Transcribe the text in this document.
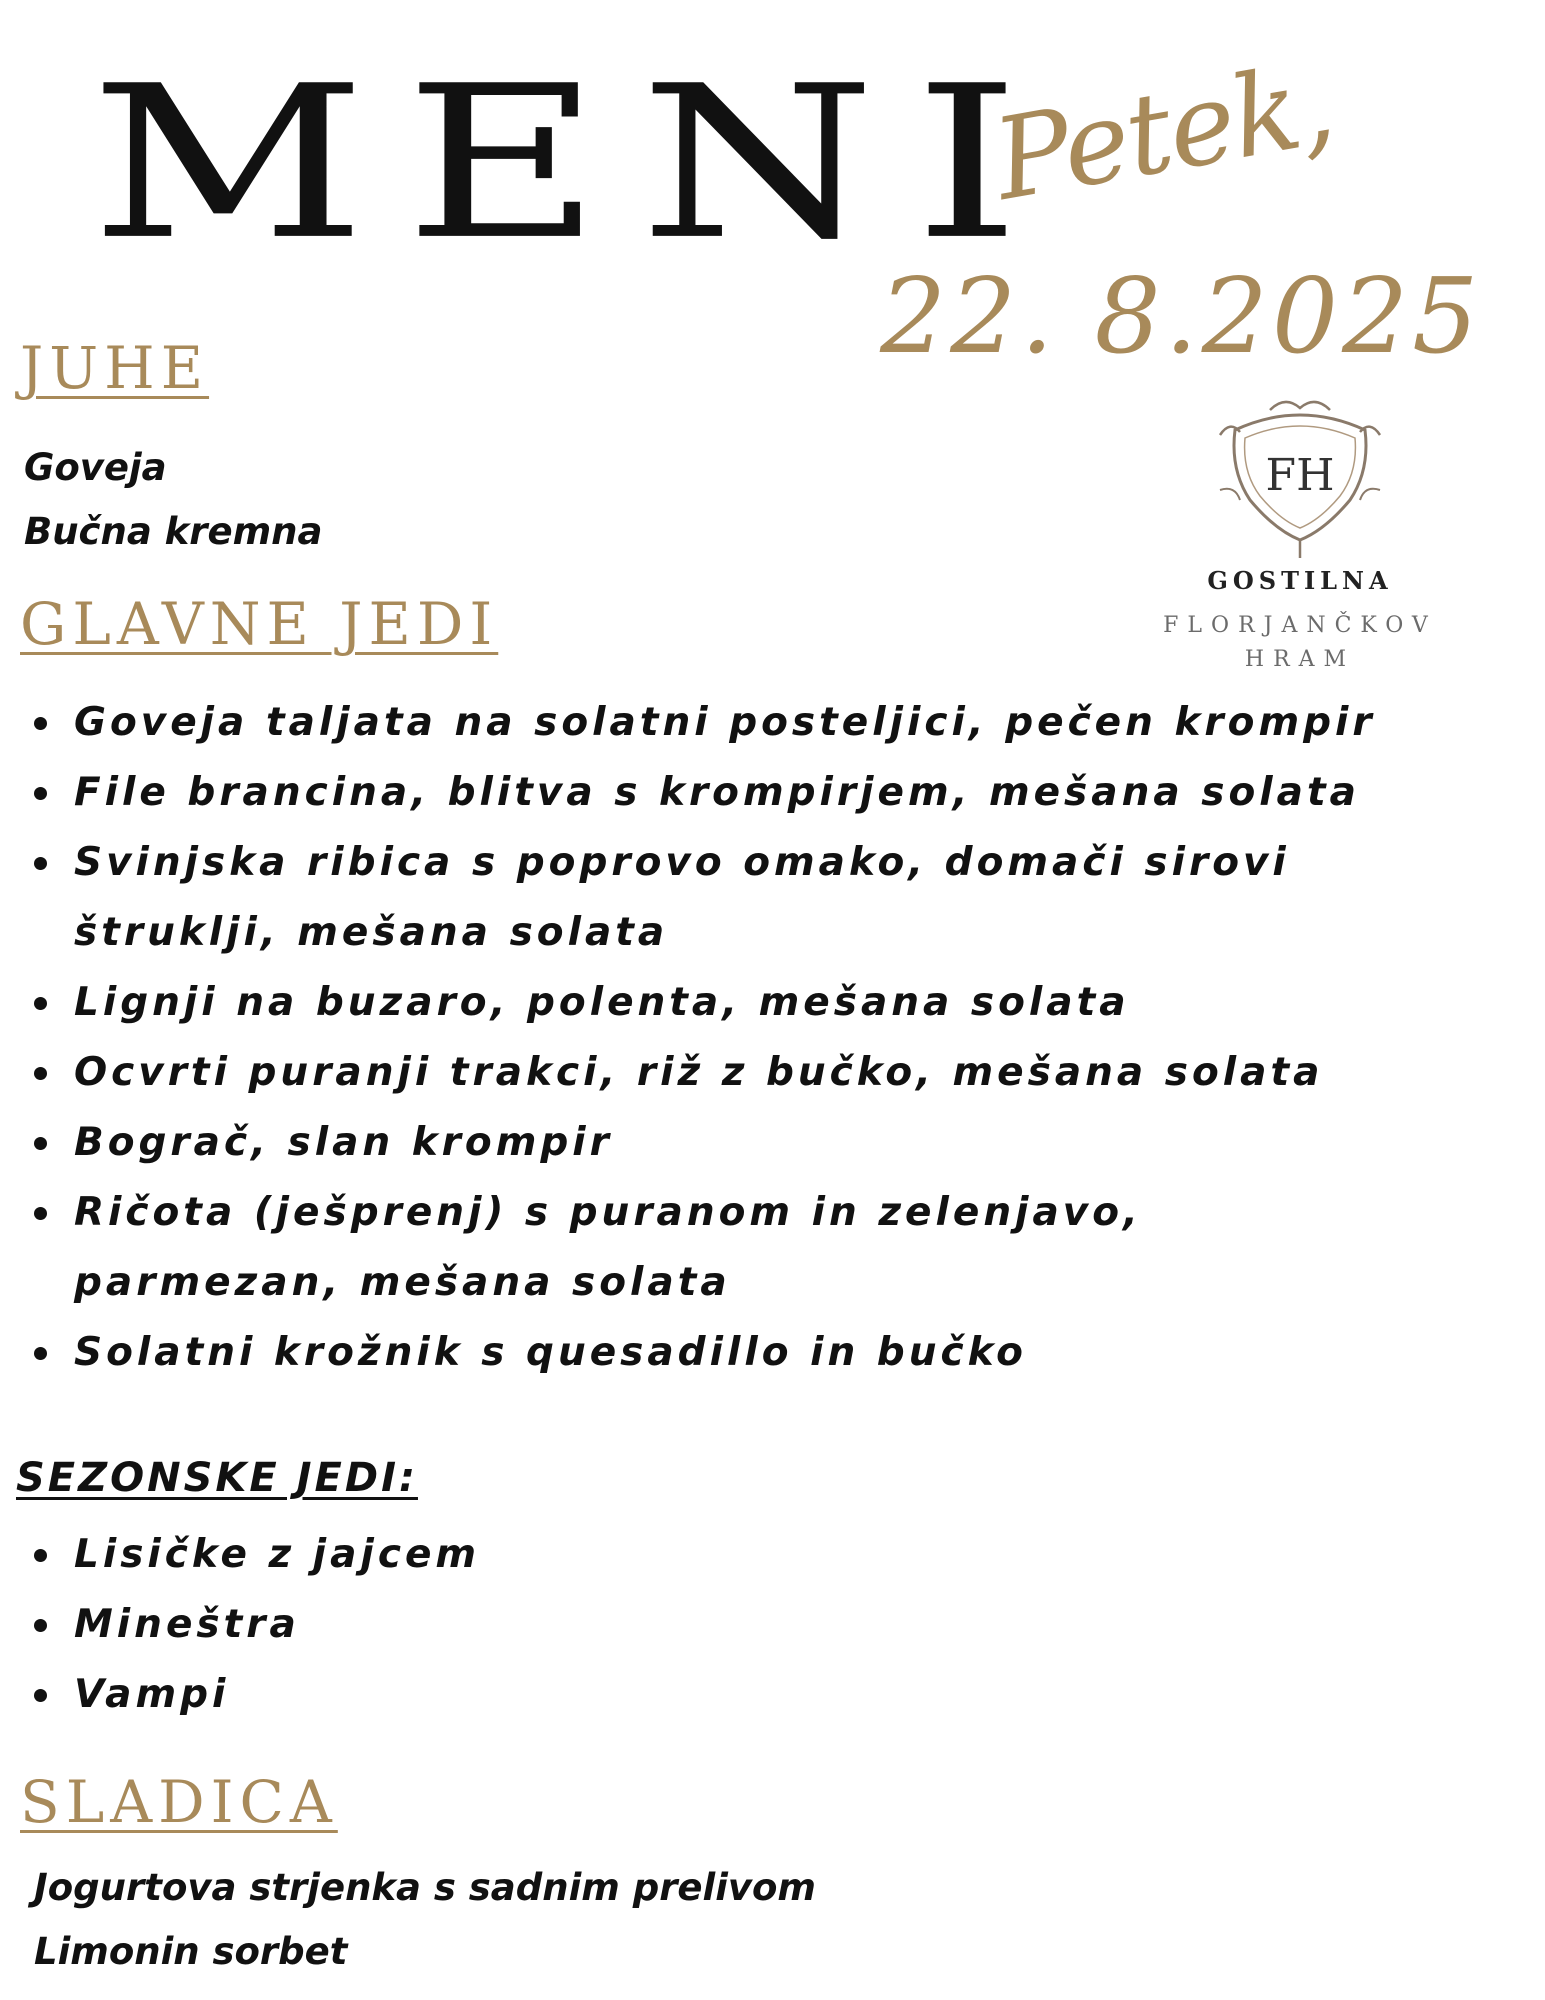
MENI
Petek,
22. 8.2025
FH
GOSTILNA
FLORJANČKOV
HRAM
JUHE
Goveja
Bučna kremna
GLAVNE JEDI
Goveja taljata na solatni posteljici, pečen krompir
File brancina, blitva s krompirjem, mešana solata
Svinjska ribica s poprovo omako, domači sirovi štruklji, mešana solata
Lignji na buzaro, polenta, mešana solata
Ocvrti puranji trakci, riž z bučko, mešana solata
Bograč, slan krompir
Ričota (ješprenj) s puranom in zelenjavo, parmezan, mešana solata
Solatni krožnik s quesadillo in bučko
SEZONSKE JEDI:
Lisičke z jajcem
Mineštra
Vampi
SLADICA
Jogurtova strjenka s sadnim prelivom
Limonin sorbet
